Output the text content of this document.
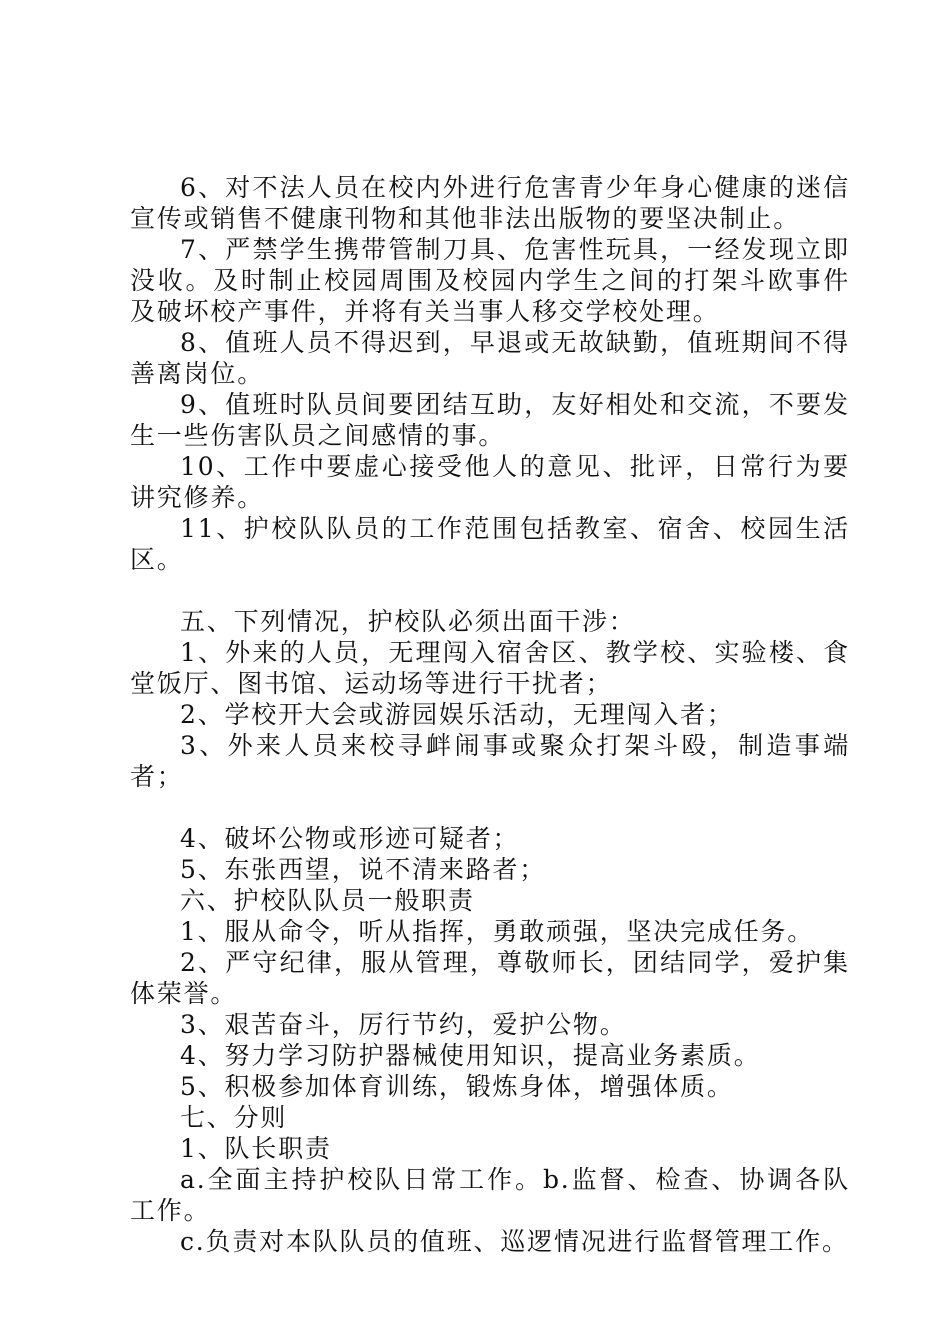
6、对不法人员在校内外进行危害青少年身心健康的迷信宣传或销售不健康刊物和其他非法出版物的要坚决制止。

7、严禁学生携带管制刀具、危害性玩具，一经发现立即没收。及时制止校园周围及校园内学生之间的打架斗欧事件及破坏校产事件，并将有关当事人移交学校处理。

8、值班人员不得迟到，早退或无故缺勤，值班期间不得善离岗位。

9、值班时队员间要团结互助，友好相处和交流，不要发生一些伤害队员之间感情的事。

10、工作中要虚心接受他人的意见、批评，日常行为要讲究修养。

11、护校队队员的工作范围包括教室、宿舍、校园生活区。

五、下列情况，护校队必须出面干涉：

1、外来的人员，无理闯入宿舍区、教学校、实验楼、食堂饭厅、图书馆、运动场等进行干扰者；

2、学校开大会或游园娱乐活动，无理闯入者；

3、外来人员来校寻衅闹事或聚众打架斗殴，制造事端者；

4、破坏公物或形迹可疑者；

5、东张西望，说不清来路者；

六、护校队队员一般职责

1、服从命令，听从指挥，勇敢顽强，坚决完成任务。

2、严守纪律，服从管理，尊敬师长，团结同学，爱护集体荣誉。

3、艰苦奋斗，厉行节约，爱护公物。

4、努力学习防护器械使用知识，提高业务素质。

5、积极参加体育训练，锻炼身体，增强体质。

七、分则

1、队长职责

a.全面主持护校队日常工作。b.监督、检查、协调各队工作。

c.负责对本队队员的值班、巡逻情况进行监督管理工作。
